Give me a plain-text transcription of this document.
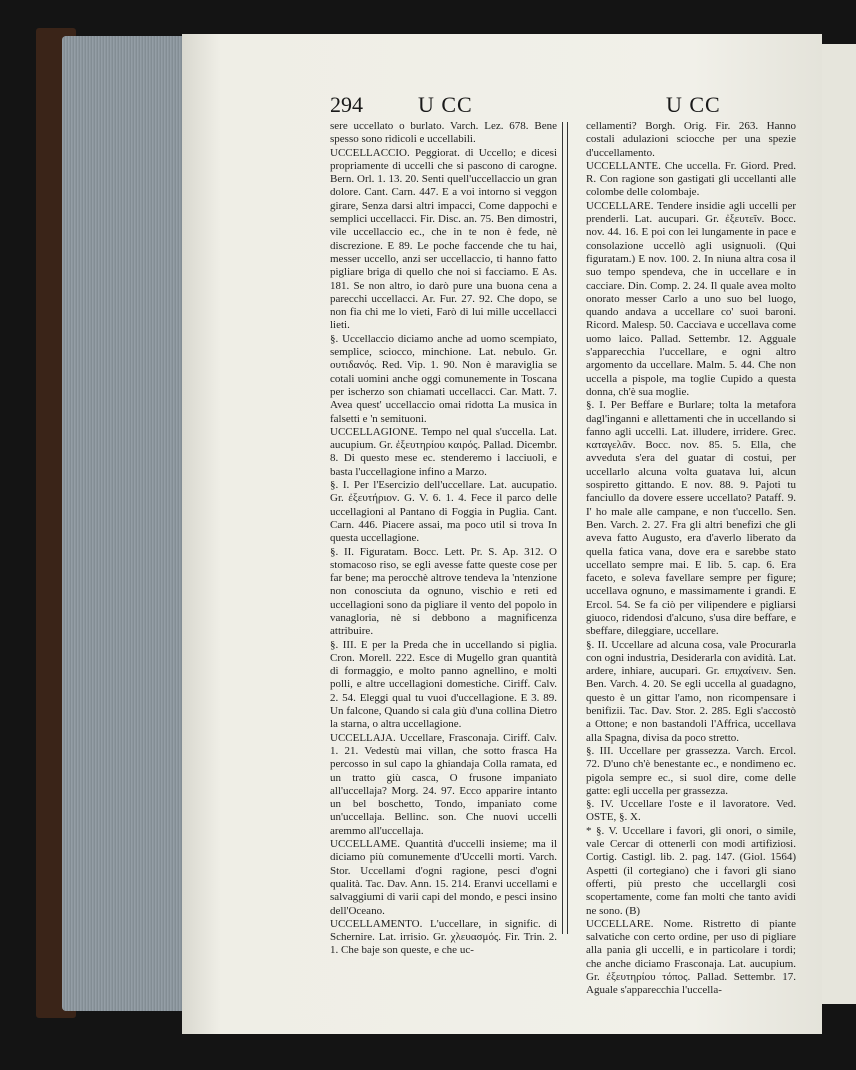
294	U CC	U CC

sere uccellato o burlato. Varch. Lez. 678. Bene spesso sono ridicoli e uccellabili.

UCCELLACCIO. Peggiorat. di Uccello; e dicesi propriamente di uccelli che si pascono di carogne. Bern. Orl. 1. 13. 20. Senti quell'uccellaccio un gran dolore. Cant. Carn. 447. E a voi intorno si veggon girare, Senza darsi altri impacci, Come dappochi e semplici uccellacci. Fir. Disc. an. 75. Ben dimostri, vile uccellaccio ec., che in te non è fede, nè discrezione. E 89. Le poche faccende che tu hai, messer uccello, anzi ser uccellaccio, ti hanno fatto pigliare briga di quello che noi si facciamo. E As. 181. Se non altro, io darò pure una buona cena a parecchi uccellacci. Ar. Fur. 27. 92. Che dopo, se non fia chi me lo vieti, Farò di lui mille uccellacci lieti.

§. Uccellaccio diciamo anche ad uomo scempiato, semplice, sciocco, minchione. Lat. nebulo. Gr. ουτιδανός. Red. Vip. 1. 90. Non è maraviglia se cotali uomini anche oggi comunemente in Toscana per ischerzo son chiamati uccellacci. Car. Matt. 7. Avea quest' uccellaccio omai ridotta La musica in falsetti e 'n semituoni.

UCCELLAGIONE. Tempo nel qual s'uccella. Lat. aucupium. Gr. ἐξευτηρίου καιρός. Pallad. Dicembr. 8. Di questo mese ec. stenderemo i lacciuoli, e basta l'uccellagione infino a Marzo.

§. I. Per l'Esercizio dell'uccellare. Lat. aucupatio. Gr. ἐξευτήριον. G. V. 6. 1. 4. Fece il parco delle uccellagioni al Pantano di Foggia in Puglia. Cant. Carn. 446. Piacere assai, ma poco util si trova In questa uccellagione.

§. II. Figuratam. Bocc. Lett. Pr. S. Ap. 312. O stomacoso riso, se egli avesse fatte queste cose per far bene; ma perocchè altrove tendeva la 'ntenzione non conosciuta da ognuno, vischio e reti ed uccellagioni sono da pigliare il vento del popolo in vanagloria, nè si debbono a magnificenza attribuire.

§. III. E per la Preda che in uccellando si piglia. Cron. Morell. 222. Esce di Mugello gran quantità di formaggio, e molto panno agnellino, e molti polli, e altre uccellagioni domestiche. Ciriff. Calv. 2. 54. Eleggi qual tu vuoi d'uccellagione. E 3. 89. Un falcone, Quando si cala giù d'una collina Dietro la starna, o altra uccellagione.

UCCELLAJA. Uccellare, Frasconaja. Ciriff. Calv. 1. 21. Vedestù mai villan, che sotto frasca Ha percosso in sul capo la ghiandaja Colla ramata, ed un tratto giù casca, O frusone impaniato all'uccellaja? Morg. 24. 97. Ecco apparire intanto un bel boschetto, Tondo, impaniato come un'uccellaja. Bellinc. son. Che nuovi uccelli aremmo all'uccellaja.

UCCELLAME. Quantità d'uccelli insieme; ma il diciamo più comunemente d'Uccelli morti. Varch. Stor. Uccellami d'ogni ragione, pesci d'ogni qualità. Tac. Dav. Ann. 15. 214. Eranvi uccellami e salvaggiumi di varii capi del mondo, e pesci insino dell'Oceano.

UCCELLAMENTO. L'uccellare, in signific. di Schernire. Lat. irrisio. Gr. χλευασμός. Fir. Trin. 2. 1. Che baje son queste, e che uc-

cellamenti? Borgh. Orig. Fir. 263. Hanno costali adulazioni sciocche per una spezie d'uccellamento.

UCCELLANTE. Che uccella. Fr. Giord. Pred. R. Con ragione son gastigati gli uccellanti alle colombe delle colombaje.

UCCELLARE. Tendere insidie agli uccelli per prenderli. Lat. aucupari. Gr. ἐξευτεῖν. Bocc. nov. 44. 16. E poi con lei lungamente in pace e consolazione uccellò agli usignuoli. (Qui figuratam.) E nov. 100. 2. In niuna altra cosa il suo tempo spendeva, che in uccellare e in cacciare. Din. Comp. 2. 24. Il quale avea molto onorato messer Carlo a uno suo bel luogo, quando andava a uccellare co' suoi baroni. Ricord. Malesp. 50. Cacciava e uccellava come uomo laico. Pallad. Settembr. 12. Agguale s'apparecchia l'uccellare, e ogni altro argomento da uccellare. Malm. 5. 44. Che non uccella a pispole, ma toglie Cupido a questa donna, ch'è sua moglie.

§. I. Per Beffare e Burlare; tolta la metafora dagl'inganni e allettamenti che in uccellando si fanno agli uccelli. Lat. illudere, irridere. Grec. καταγελᾶν. Bocc. nov. 85. 5. Ella, che avveduta s'era del guatar di costui, per uccellarlo alcuna volta guatava lui, alcun sospiretto gittando. E nov. 88. 9. Pajoti tu fanciullo da dovere essere uccellato? Pataff. 9. I' ho male alle campane, e non t'uccello. Sen. Ben. Varch. 2. 27. Fra gli altri benefizi che gli aveva fatto Augusto, era d'averlo liberato da quella fatica vana, dove era e sarebbe stato uccellato sempre mai. E lib. 5. cap. 6. Era faceto, e soleva favellare sempre per figure; uccellava ognuno, e massimamente i grandi. E Ercol. 54. Se fa ciò per vilipendere e pigliarsi giuoco, ridendosi d'alcuno, s'usa dire beffare, e sbeffare, dileggiare, uccellare.

§. II. Uccellare ad alcuna cosa, vale Procurarla con ogni industria, Desiderarla con avidità. Lat. ardere, inhiare, aucupari. Gr. επιχαίνειν. Sen. Ben. Varch. 4. 20. Se egli uccella al guadagno, questo è un gittar l'amo, non ricompensare i benifizii. Tac. Dav. Stor. 2. 285. Egli s'accostò a Ottone; e non bastandoli l'Affrica, uccellava alla Spagna, divisa da poco stretto.

§. III. Uccellare per grassezza. Varch. Ercol. 72. D'uno ch'è benestante ec., e nondimeno ec. pigola sempre ec., si suol dire, come delle gatte: egli uccella per grassezza.

§. IV. Uccellare l'oste e il lavoratore. Ved. OSTE, §. X.

* §. V. Uccellare i favori, gli onori, o simile, vale Cercar di ottenerli con modi artifiziosi. Cortig. Castigl. lib. 2. pag. 147. (Giol. 1564) Aspetti (il cortegiano) che i favori gli siano offerti, più presto che uccellargli così scopertamente, come fan molti che tanto avidi ne sono. (B)

UCCELLARE. Nome. Ristretto di piante salvatiche con certo ordine, per uso di pigliare alla pania gli uccelli, e in particolare i tordi; che anche diciamo Frasconaja. Lat. aucupium. Gr. ἐξευτηρίου τόπος. Pallad. Settembr. 17. Aguale s'apparecchia l'uccella-
